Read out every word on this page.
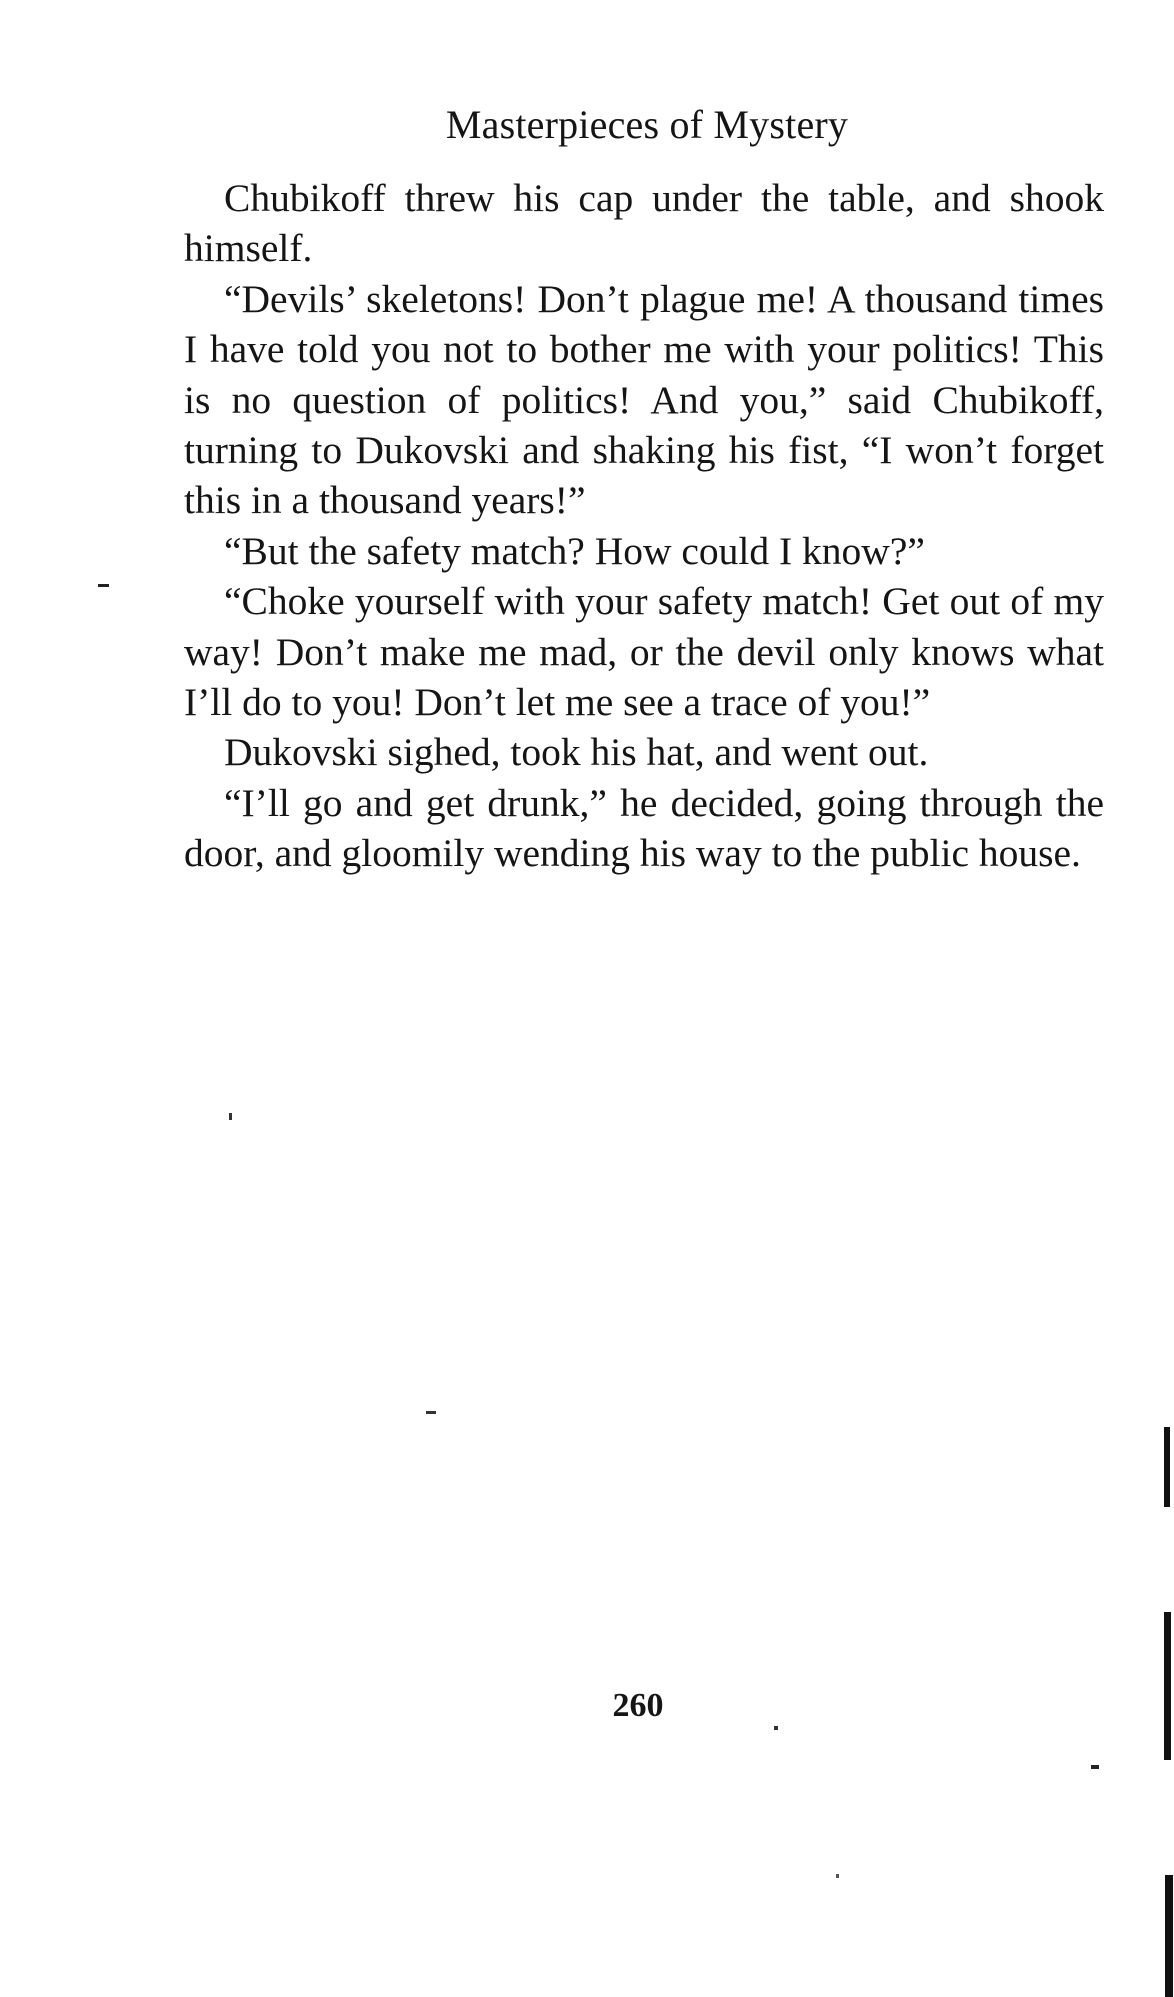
Masterpieces of Mystery

Chubikoff threw his cap under the table, and shook himself.

“Devils’ skeletons! Don’t plague me! A thousand times I have told you not to bother me with your politics! This is no question of politics! And you,” said Chubikoff, turning to Dukovski and shaking his fist, “I won’t forget this in a thousand years!”

“But the safety match? How could I know?”

“Choke yourself with your safety match! Get out of my way! Don’t make me mad, or the devil only knows what I’ll do to you! Don’t let me see a trace of you!”

Dukovski sighed, took his hat, and went out.

“I’ll go and get drunk,” he decided, going through the door, and gloomily wending his way to the public house.

260
